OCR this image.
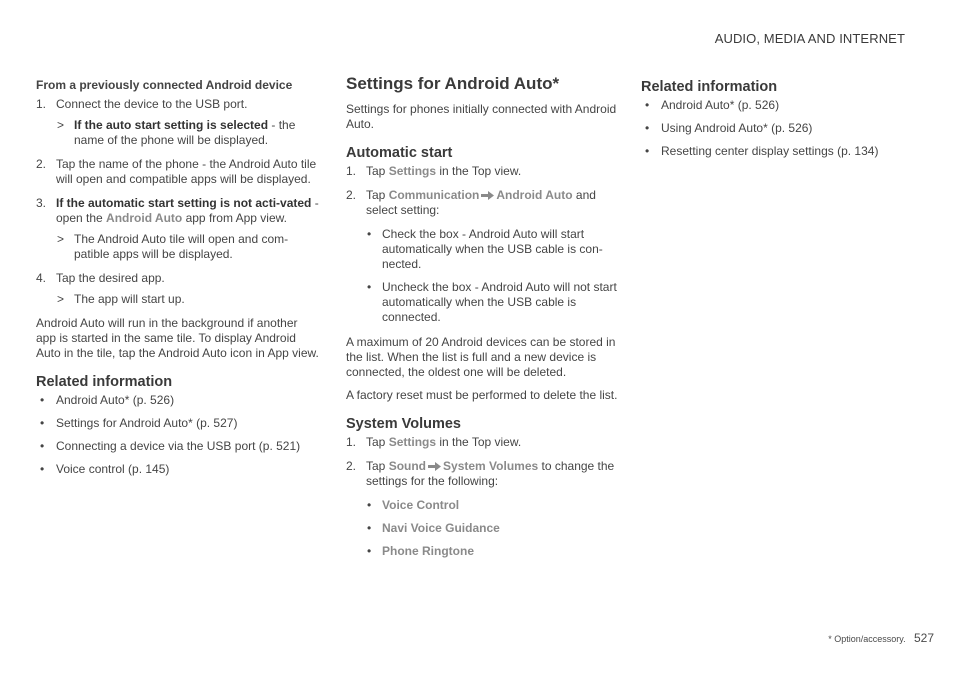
AUDIO, MEDIA AND INTERNET
From a previously connected Android device
1. Connect the device to the USB port.
> If the auto start setting is selected - the name of the phone will be displayed.
2. Tap the name of the phone - the Android Auto tile will open and compatible apps will be displayed.
3. If the automatic start setting is not acti-vated - open the Android Auto app from App view.
> The Android Auto tile will open and com-patible apps will be displayed.
4. Tap the desired app.
> The app will start up.

Android Auto will run in the background if another app is started in the same tile. To display Android Auto in the tile, tap the Android Auto icon in App view.

Related information
• Android Auto* (p. 526)
• Settings for Android Auto* (p. 527)
• Connecting a device via the USB port (p. 521)
• Voice control (p. 145)
Settings for Android Auto*

Settings for phones initially connected with Android Auto.

Automatic start
1. Tap Settings in the Top view.
2. Tap Communication Android Auto and select setting:
• Check the box - Android Auto will start automatically when the USB cable is con-nected.
• Uncheck the box - Android Auto will not start automatically when the USB cable is connected.

A maximum of 20 Android devices can be stored in the list. When the list is full and a new device is connected, the oldest one will be deleted.

A factory reset must be performed to delete the list.

System Volumes
1. Tap Settings in the Top view.
2. Tap Sound System Volumes to change the settings for the following:
• Voice Control
• Navi Voice Guidance
• Phone Ringtone
Related information
• Android Auto* (p. 526)
• Using Android Auto* (p. 526)
• Resetting center display settings (p. 134)
* Option/accessory. 527
